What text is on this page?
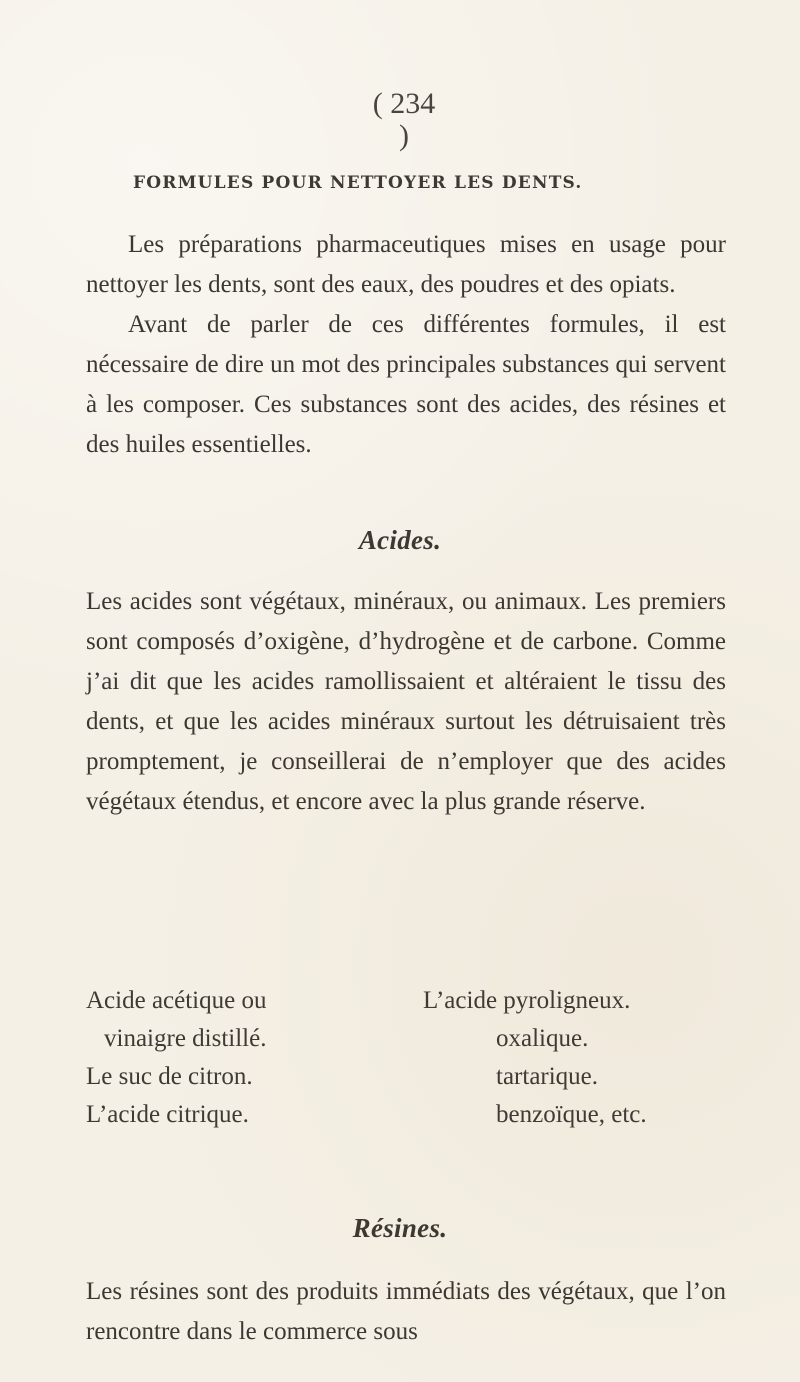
( 234 )
FORMULES POUR NETTOYER LES DENTS.

Les préparations pharmaceutiques mises en usage pour nettoyer les dents, sont des eaux, des poudres et des opiats.

Avant de parler de ces différentes formules, il est nécessaire de dire un mot des principales substances qui servent à les composer. Ces substances sont des acides, des résines et des huiles essentielles.

Acides.
Les acides sont végétaux, minéraux, ou animaux. Les premiers sont composés d’oxigène, d’hydrogène et de carbone. Comme j’ai dit que les acides ramollissaient et altéraient le tissu des dents, et que les acides minéraux surtout les détruisaient très promptement, je conseillerai de n’employer que des acides végétaux étendus, et encore avec la plus grande réserve.
Acide acétique ou	L’acide pyroligneux.
vinaigre distillé.	oxalique.
Le suc de citron.	tartarique.
L’acide citrique.	benzoïque, etc.
Résines.
Les résines sont des produits immédiats des végétaux, que l’on rencontre dans le commerce sous
